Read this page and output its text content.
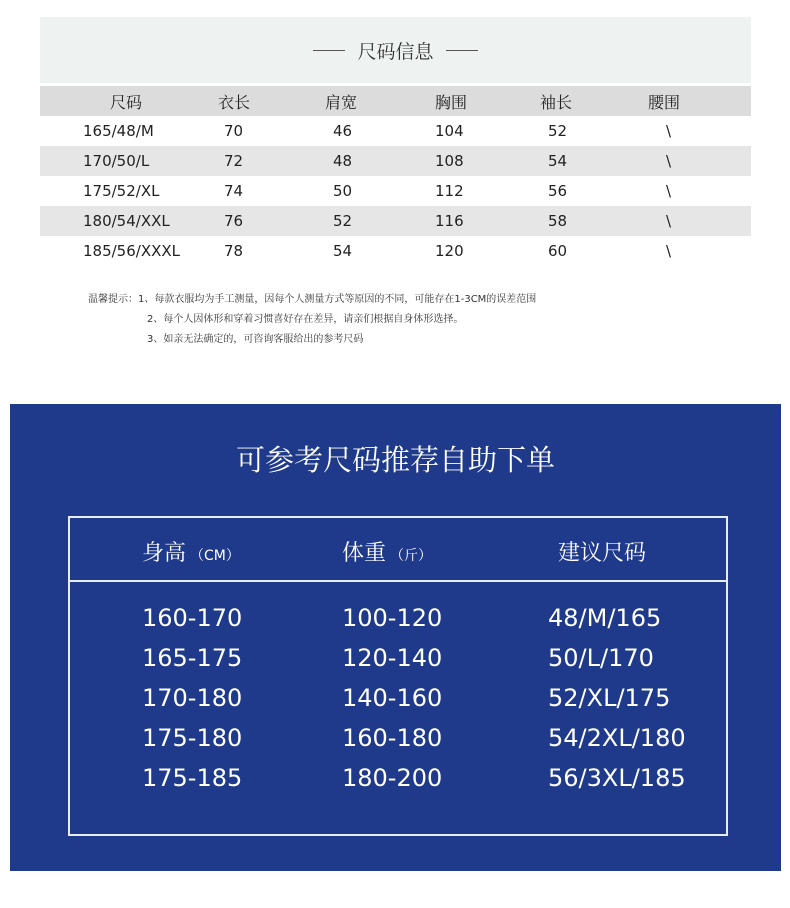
尺码信息
尺码	衣长	肩宽	胸围	袖长	腰围
165/48/M	70	46	104	52	\
170/50/L	72	48	108	54	\
175/52/XL	74	50	112	56	\
180/54/XXL	76	52	116	58	\
185/56/XXXL	78	54	120	60	\
温馨提示：1、每款衣服均为手工测量，因每个人测量方式等原因的不同，可能存在1-3CM的误差范围
2、每个人因体形和穿着习惯喜好存在差异，请亲们根据自身体形选择。
3、如亲无法确定的，可咨询客服给出的参考尺码
可参考尺码推荐自助下单
身高 （CM）	体重 （斤）	建议尺码
160-170	100-120	48/M/165
165-175	120-140	50/L/170
170-180	140-160	52/XL/175
175-180	160-180	54/2XL/180
175-185	180-200	56/3XL/185
